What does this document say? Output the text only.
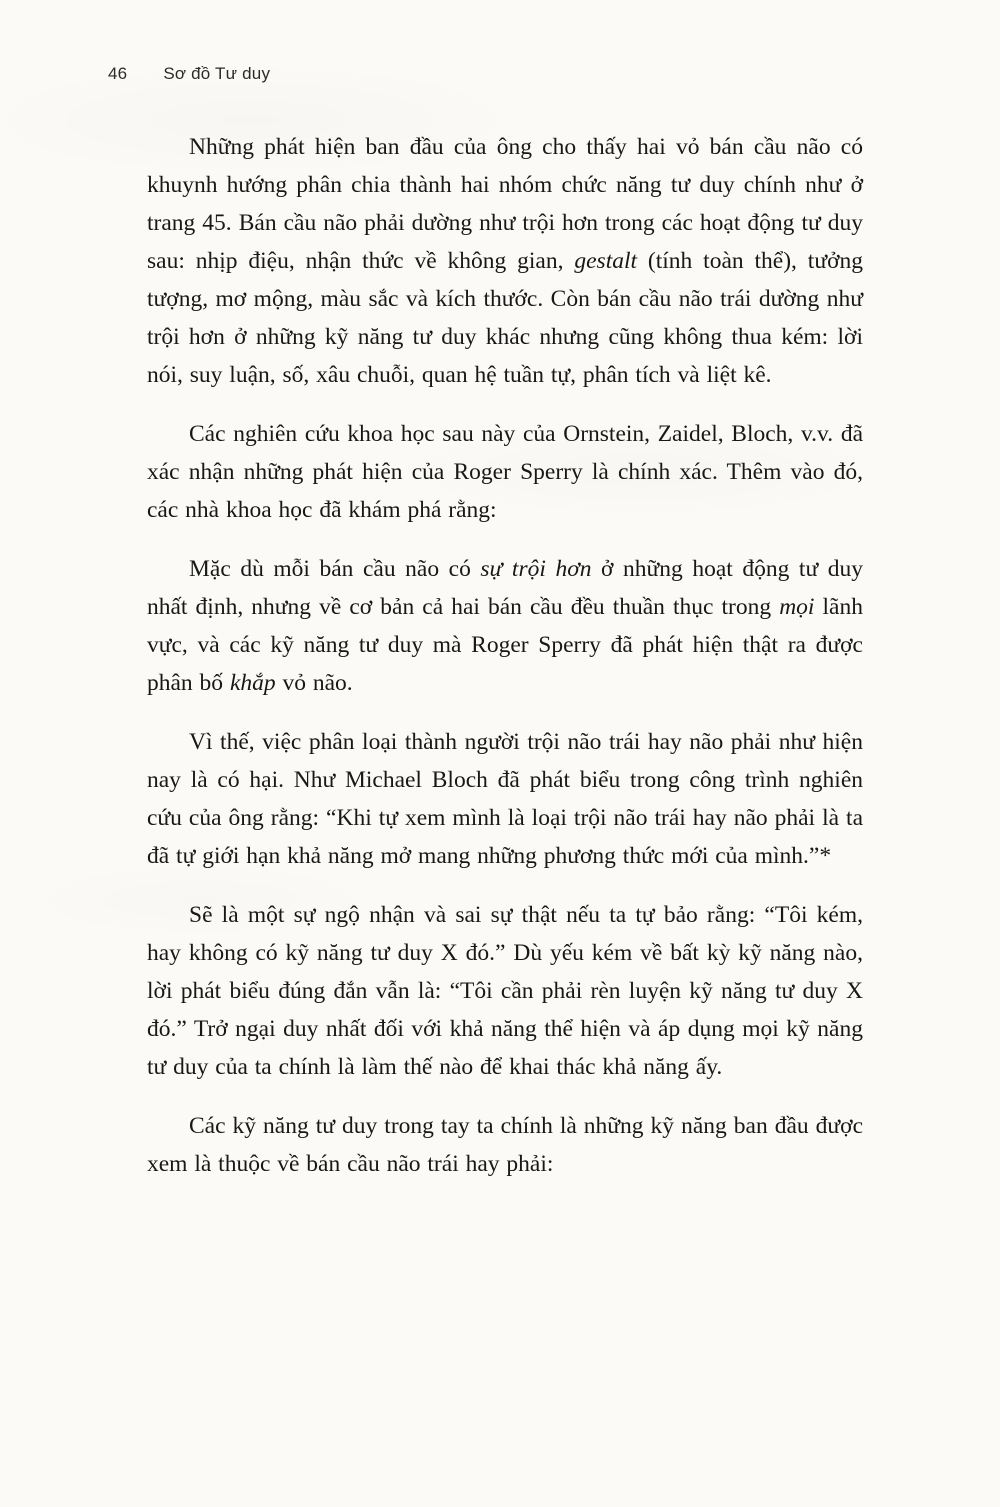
46 Sơ đồ Tư duy

Những phát hiện ban đầu của ông cho thấy hai vỏ bán cầu não có khuynh hướng phân chia thành hai nhóm chức năng tư duy chính như ở trang 45. Bán cầu não phải dường như trội hơn trong các hoạt động tư duy sau: nhịp điệu, nhận thức về không gian, gestalt (tính toàn thể), tưởng tượng, mơ mộng, màu sắc và kích thước. Còn bán cầu não trái dường như trội hơn ở những kỹ năng tư duy khác nhưng cũng không thua kém: lời nói, suy luận, số, xâu chuỗi, quan hệ tuần tự, phân tích và liệt kê.

Các nghiên cứu khoa học sau này của Ornstein, Zaidel, Bloch, v.v. đã xác nhận những phát hiện của Roger Sperry là chính xác. Thêm vào đó, các nhà khoa học đã khám phá rằng:

Mặc dù mỗi bán cầu não có sự trội hơn ở những hoạt động tư duy nhất định, nhưng về cơ bản cả hai bán cầu đều thuần thục trong mọi lãnh vực, và các kỹ năng tư duy mà Roger Sperry đã phát hiện thật ra được phân bố khắp vỏ não.

Vì thế, việc phân loại thành người trội não trái hay não phải như hiện nay là có hại. Như Michael Bloch đã phát biểu trong công trình nghiên cứu của ông rằng: “Khi tự xem mình là loại trội não trái hay não phải là ta đã tự giới hạn khả năng mở mang những phương thức mới của mình.”*

Sẽ là một sự ngộ nhận và sai sự thật nếu ta tự bảo rằng: “Tôi kém, hay không có kỹ năng tư duy X đó.” Dù yếu kém về bất kỳ kỹ năng nào, lời phát biểu đúng đắn vẫn là: “Tôi cần phải rèn luyện kỹ năng tư duy X đó.” Trở ngại duy nhất đối với khả năng thể hiện và áp dụng mọi kỹ năng tư duy của ta chính là làm thế nào để khai thác khả năng ấy.

Các kỹ năng tư duy trong tay ta chính là những kỹ năng ban đầu được xem là thuộc về bán cầu não trái hay phải:
